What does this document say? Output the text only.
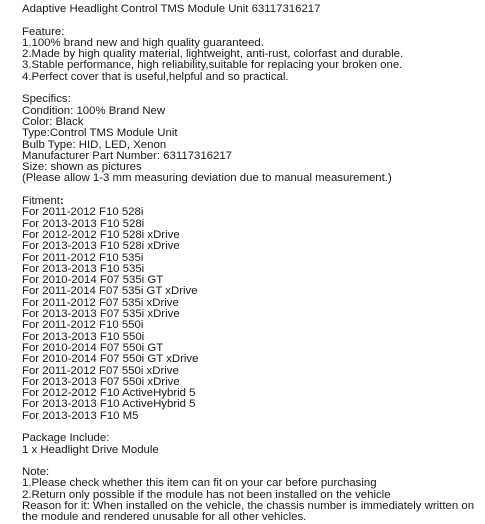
Adaptive Headlight Control TMS Module Unit 63117316217
Feature:
1.100% brand new and high quality guaranteed.
2.Made by high quality material, lightweight, anti-rust, colorfast and durable.
3.Stable performance, high reliability,suitable for replacing your broken one.
4.Perfect cover that is useful,helpful and so practical.
Specifics:
Condition: 100% Brand New
Color: Black
Type:Control TMS Module Unit
Bulb Type: HID, LED, Xenon
Manufacturer Part Number: 63117316217
Size: shown as pictures
(Please allow 1-3 mm measuring deviation due to manual measurement.)
Fitment:
For 2011-2012 F10 528i
For 2013-2013 F10 528i
For 2012-2012 F10 528i xDrive
For 2013-2013 F10 528i xDrive
For 2011-2012 F10 535i
For 2013-2013 F10 535i
For 2010-2014 F07 535i GT
For 2011-2014 F07 535i GT xDrive
For 2011-2012 F07 535i xDrive
For 2013-2013 F07 535i xDrive
For 2011-2012 F10 550i
For 2013-2013 F10 550i
For 2010-2014 F07 550i GT
For 2010-2014 F07 550i GT xDrive
For 2011-2012 F07 550i xDrive
For 2013-2013 F07 550i xDrive
For 2012-2012 F10 ActiveHybrid 5
For 2013-2013 F10 ActiveHybrid 5
For 2013-2013 F10 M5
Package Include:
1 x Headlight Drive Module
Note:
1.Please check whether this item can fit on your car before purchasing
2.Return only possible if the module has not been installed on the vehicle
Reason for it: When installed on the vehicle, the chassis number is immediately written on
the module and rendered unusable for all other vehicles.
